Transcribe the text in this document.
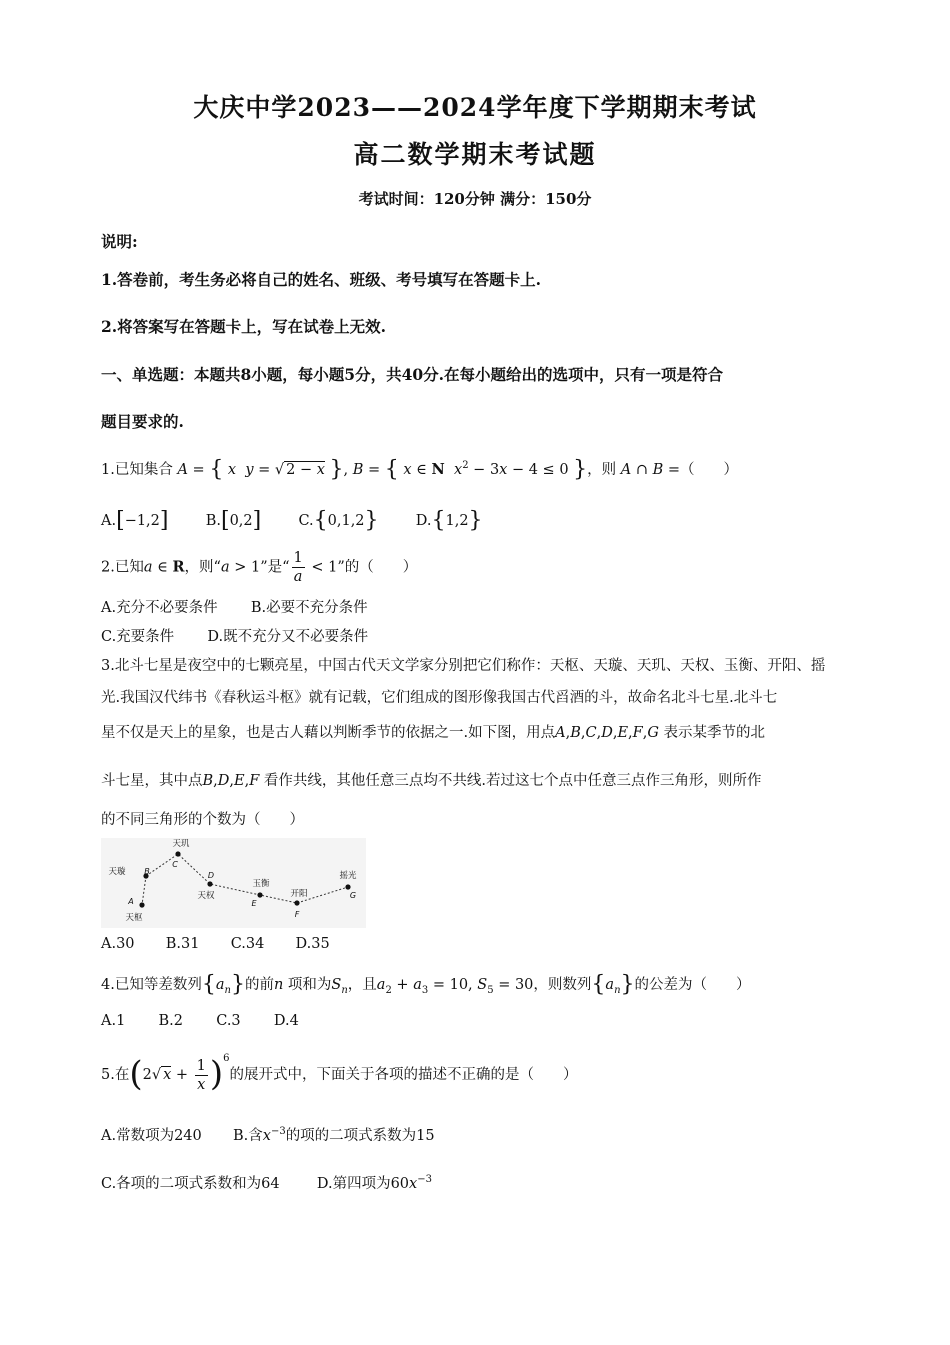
大庆中学2023——2024学年度下学期期末考试
高二数学期末考试题
考试时间：120分钟 满分：150分
说明:
1.答卷前，考生务必将自己的姓名、班级、考号填写在答题卡上.
2.将答案写在答题卡上，写在试卷上无效.
一、单选题：本题共8小题，每小题5分，共40分.在每小题给出的选项中，只有一项是符合
题目要求的.
1.已知集合 A = { x y = √ 2 − x }, B = { x ∈ N $x^2 - 3x - 4 \le 0$ }，则 A ∩ B =（　　）
A.[−1,2]	B.[0,2]	C.{0,1,2}	D.{1,2}
2.已知a ∈ R，则“a > 1”是“ $\frac{1}{a} < 1$”的（　　）
A.充分不必要条件 B.必要不充分条件
C.充要条件 D.既不充分又不必要条件
3.北斗七星是夜空中的七颗亮星，中国古代天文学家分别把它们称作：天枢、天璇、天玑、天权、玉衡、开阳、摇
光.我国汉代纬书《春秋运斗枢》就有记载，它们组成的图形像我国古代舀酒的斗，故命名北斗七星.北斗七
星不仅是天上的星象，也是古人藉以判断季节的依据之一.如下图，用点A,B,C,D,E,F,G 表示某季节的北
斗七星，其中点B,D,E,F 看作共线，其他任意三点均不共线.若过这七个点中任意三点作三角形，则所作
的不同三角形的个数为（　　）
天枢
A
天璇 B
天玑
C
天权
D
玉衡
E
开阳
F
摇光
G
A.30 B.31 C.34 D.35
4.已知等差数列$\{a_n\}$的前n 项和为$S_n$，且$a_2 + a_3 = 10$, $S_5 = 30$，则数列$\{a_n\}$的公差为（　　）
A.1 B.2 C.3 D.4
5.在(2√ $x + \frac{1}{x} )^6$的展开式中，下面关于各项的描述不正确的是（　　）
A.常数项为240 B.含$x^{-3}$的项的二项式系数为15
C.各项的二项式系数和为64	D.第四项为$60x^{-3}$
